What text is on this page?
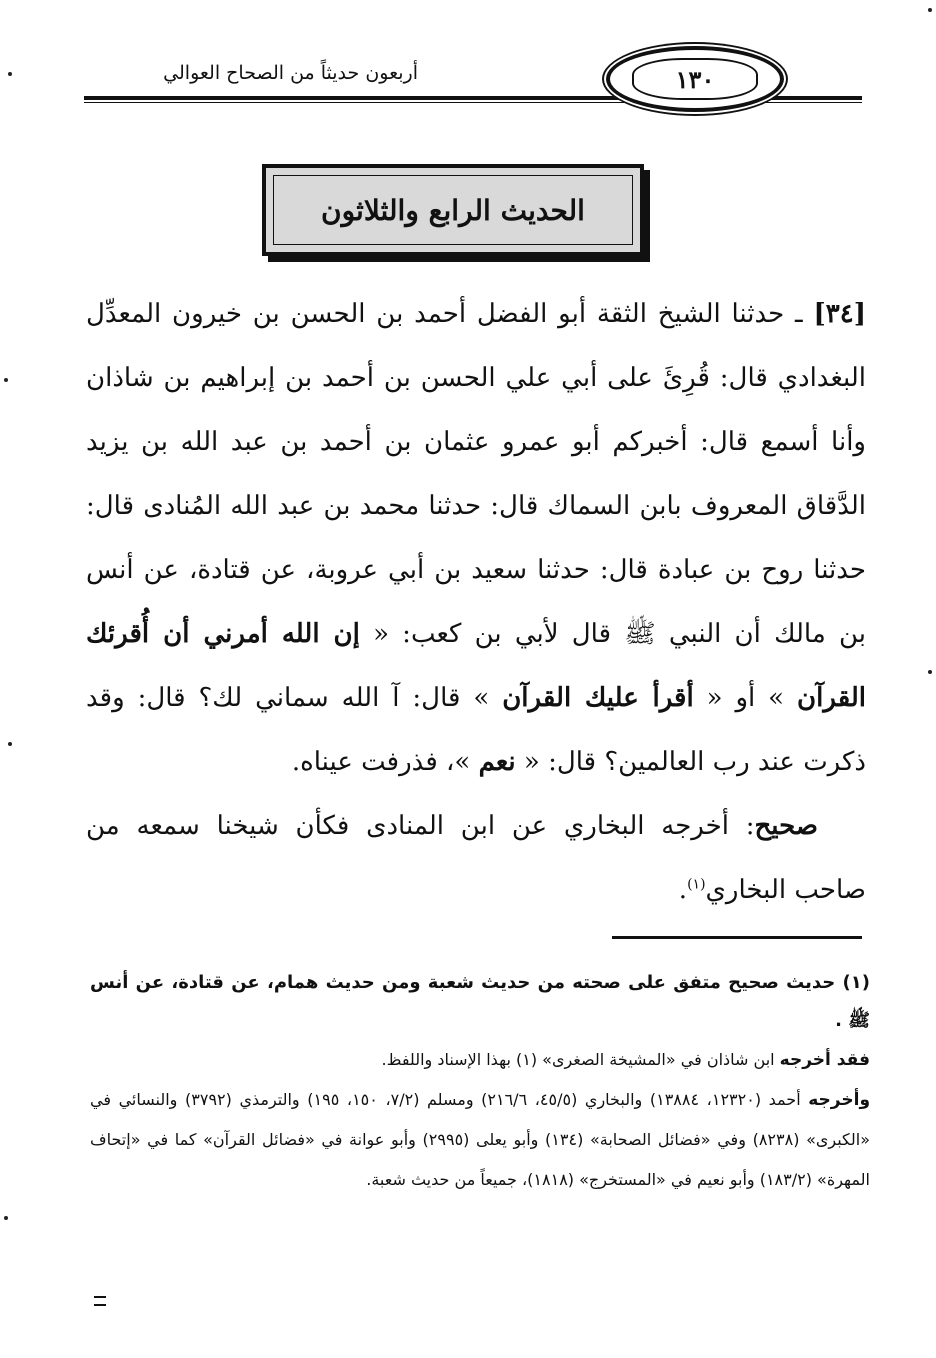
أربعون حديثاً من الصحاح العوالي	١٣٠
الحديث الرابع والثلاثون

[٣٤] ـ حدثنا الشيخ الثقة أبو الفضل أحمد بن الحسن بن خيرون المعدِّل البغدادي قال: قُرِئَ على أبي علي الحسن بن أحمد بن إبراهيم بن شاذان وأنا أسمع قال: أخبركم أبو عمرو عثمان بن أحمد بن عبد الله بن يزيد الدَّقاق المعروف بابن السماك قال: حدثنا محمد بن عبد الله المُنادى قال: حدثنا روح بن عبادة قال: حدثنا سعيد بن أبي عروبة، عن قتادة، عن أنس بن مالك أن النبي ﷺ قال لأبي بن كعب: « إن الله أمرني أن أُقرئك القرآن » أو « أقرأ عليك القرآن » قال: آ الله سماني لك؟ قال: وقد ذكرت عند رب العالمين؟ قال: « نعم »، فذرفت عيناه.

صحيح: أخرجه البخاري عن ابن المنادى فكأن شيخنا سمعه من صاحب البخاري$^{(١)}$.

(١) حديث صحيح متفق على صحته من حديث شعبة ومن حديث همام، عن قتادة، عن أنس ﷺ .

فقد أخرجه ابن شاذان في «المشيخة الصغرى» (١) بهذا الإسناد واللفظ.

وأخرجه أحمد (١٢٣٢٠، ١٣٨٨٤) والبخاري (٤٥/٥، ٢١٦/٦) ومسلم (٧/٢، ١٥٠، ١٩٥) والترمذي (٣٧٩٢) والنسائي في «الكبرى» (٨٢٣٨) وفي «فضائل الصحابة» (١٣٤) وأبو يعلى (٢٩٩٥) وأبو عوانة في «فضائل القرآن» كما في «إتحاف المهرة» (١٨٣/٢) وأبو نعيم في «المستخرج» (١٨١٨)، جميعاً من حديث شعبة.
